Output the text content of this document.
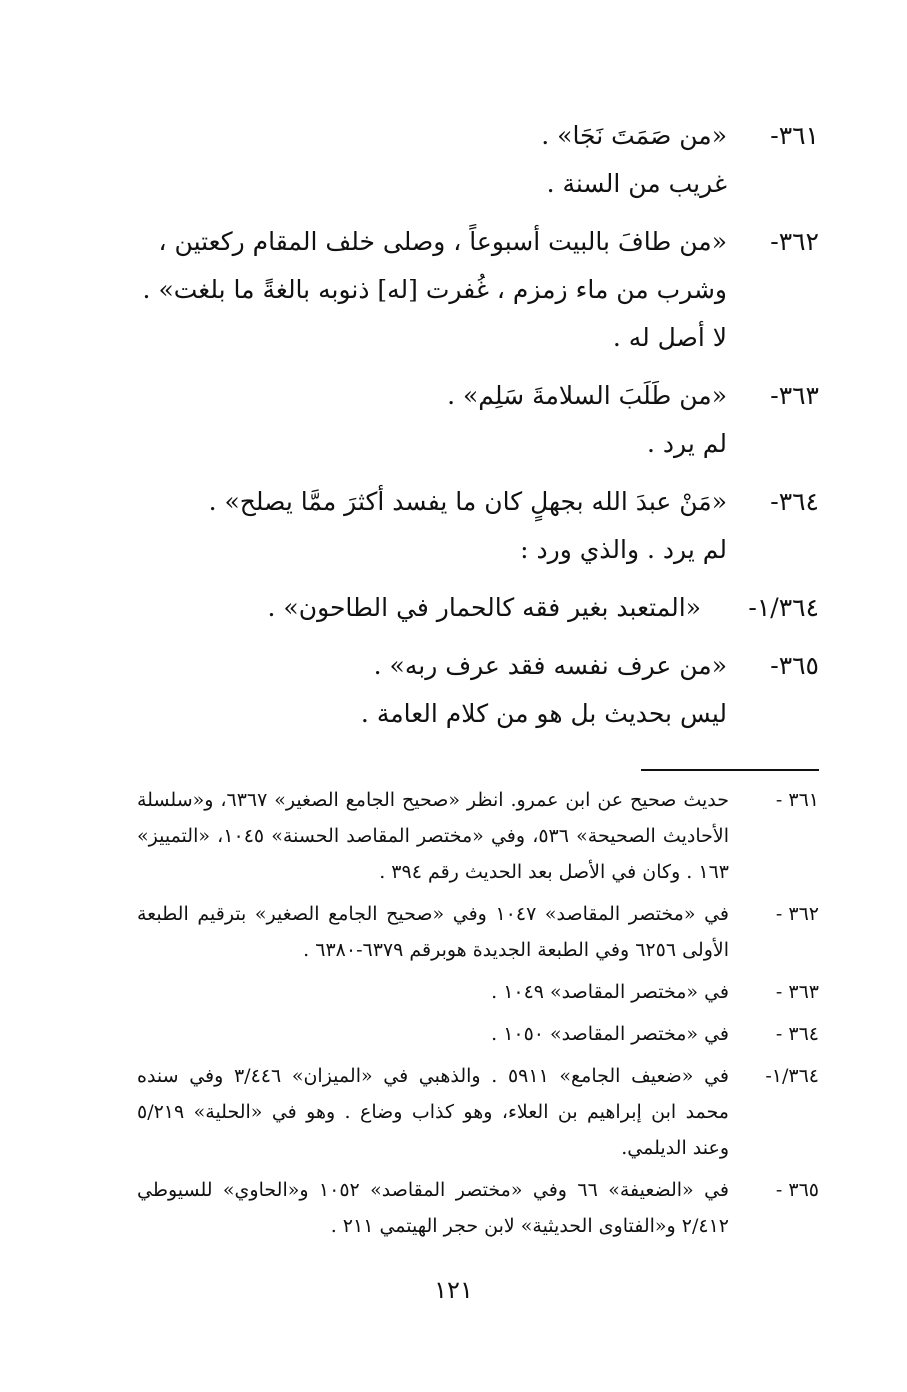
٣٦١-

«من صَمَتَ نَجَا» .

غريب من السنة .

٣٦٢-

«من طافَ بالبيت أسبوعاً ، وصلى خلف المقام ركعتين ، وشرب من ماء زمزم ، غُفرت [له] ذنوبه بالغةً ما بلغت» .

لا أصل له .

٣٦٣-

«من طَلَبَ السلامةَ سَلِم» .

لم يرد .

٣٦٤-

«مَنْ عبدَ الله بجهلٍ كان ما يفسد أكثرَ ممَّا يصلح» .

لم يرد . والذي ورد :

١/٣٦٤-

«المتعبد بغير فقه كالحمار في الطاحون» .

٣٦٥-

«من عرف نفسه فقد عرف ربه» .

ليس بحديث بل هو من كلام العامة .

٣٦١ -

حديث صحيح عن ابن عمرو. انظر «صحيح الجامع الصغير» ٦٣٦٧، و«سلسلة الأحاديث الصحيحة» ٥٣٦، وفي «مختصر المقاصد الحسنة» ١٠٤٥، «التمييز» ١٦٣ . وكان في الأصل بعد الحديث رقم ٣٩٤ .

٣٦٢ -

في «مختصر المقاصد» ١٠٤٧ وفي «صحيح الجامع الصغير» بترقيم الطبعة الأولى ٦٢٥٦ وفي الطبعة الجديدة هوبرقم ٦٣٧٩-٦٣٨٠ .

٣٦٣ -

في «مختصر المقاصد» ١٠٤٩ .

٣٦٤ -

في «مختصر المقاصد» ١٠٥٠ .

١/٣٦٤-

في «ضعيف الجامع» ٥٩١١ . والذهبي في «الميزان» ٣/٤٤٦ وفي سنده محمد ابن إبراهيم بن العلاء، وهو كذاب وضاع . وهو في «الحلية» ٥/٢١٩ وعند الديلمي.

٣٦٥ -

في «الضعيفة» ٦٦ وفي «مختصر المقاصد» ١٠٥٢ و«الحاوي» للسيوطي ٢/٤١٢ و«الفتاوى الحديثية» لابن حجر الهيتمي ٢١١ .

١٢١
